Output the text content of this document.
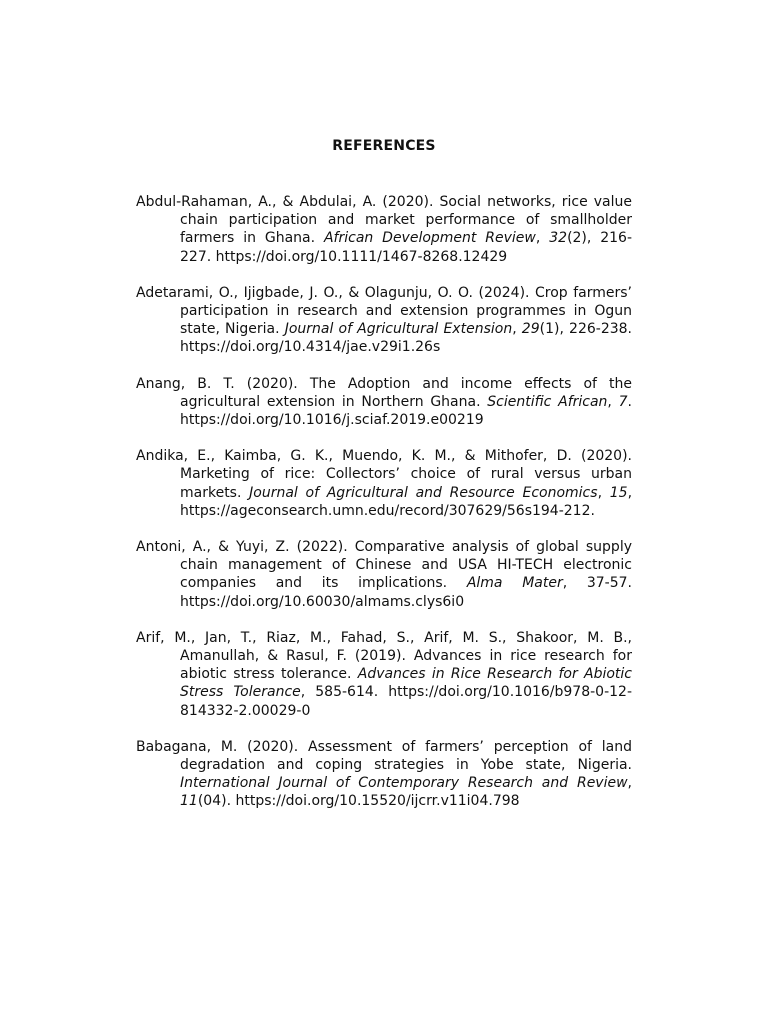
REFERENCES

Abdul-Rahaman, A., & Abdulai, A. (2020). Social networks, rice value chain participation and market performance of smallholder farmers in Ghana. African Development Review, 32(2), 216-227. https://doi.org/10.1111/1467-8268.12429

Adetarami, O., Ijigbade, J. O., & Olagunju, O. O. (2024). Crop farmers’ participation in research and extension programmes in Ogun state, Nigeria. Journal of Agricultural Extension, 29(1), 226-238. https://doi.org/10.4314/jae.v29i1.26s

Anang, B. T. (2020). The Adoption and income effects of the agricultural extension in Northern Ghana. Scientific African, 7. https://doi.org/10.1016/j.sciaf.2019.e00219

Andika, E., Kaimba, G. K., Muendo, K. M., & Mithofer, D. (2020). Marketing of rice: Collectors’ choice of rural versus urban markets. Journal of Agricultural and Resource Economics, 15, https://ageconsearch.umn.edu/record/307629/56s194-212.

Antoni, A., & Yuyi, Z. (2022). Comparative analysis of global supply chain management of Chinese and USA HI-TECH electronic companies and its implications. Alma Mater, 37-57. https://doi.org/10.60030/almams.clys6i0

Arif, M., Jan, T., Riaz, M., Fahad, S., Arif, M. S., Shakoor, M. B., Amanullah, & Rasul, F. (2019). Advances in rice research for abiotic stress tolerance. Advances in Rice Research for Abiotic Stress Tolerance, 585-614. https://doi.org/10.1016/b978-0-12-814332-2.00029-0

Babagana, M. (2020). Assessment of farmers’ perception of land degradation and coping strategies in Yobe state, Nigeria. International Journal of Contemporary Research and Review, 11(04). https://doi.org/10.15520/ijcrr.v11i04.798
